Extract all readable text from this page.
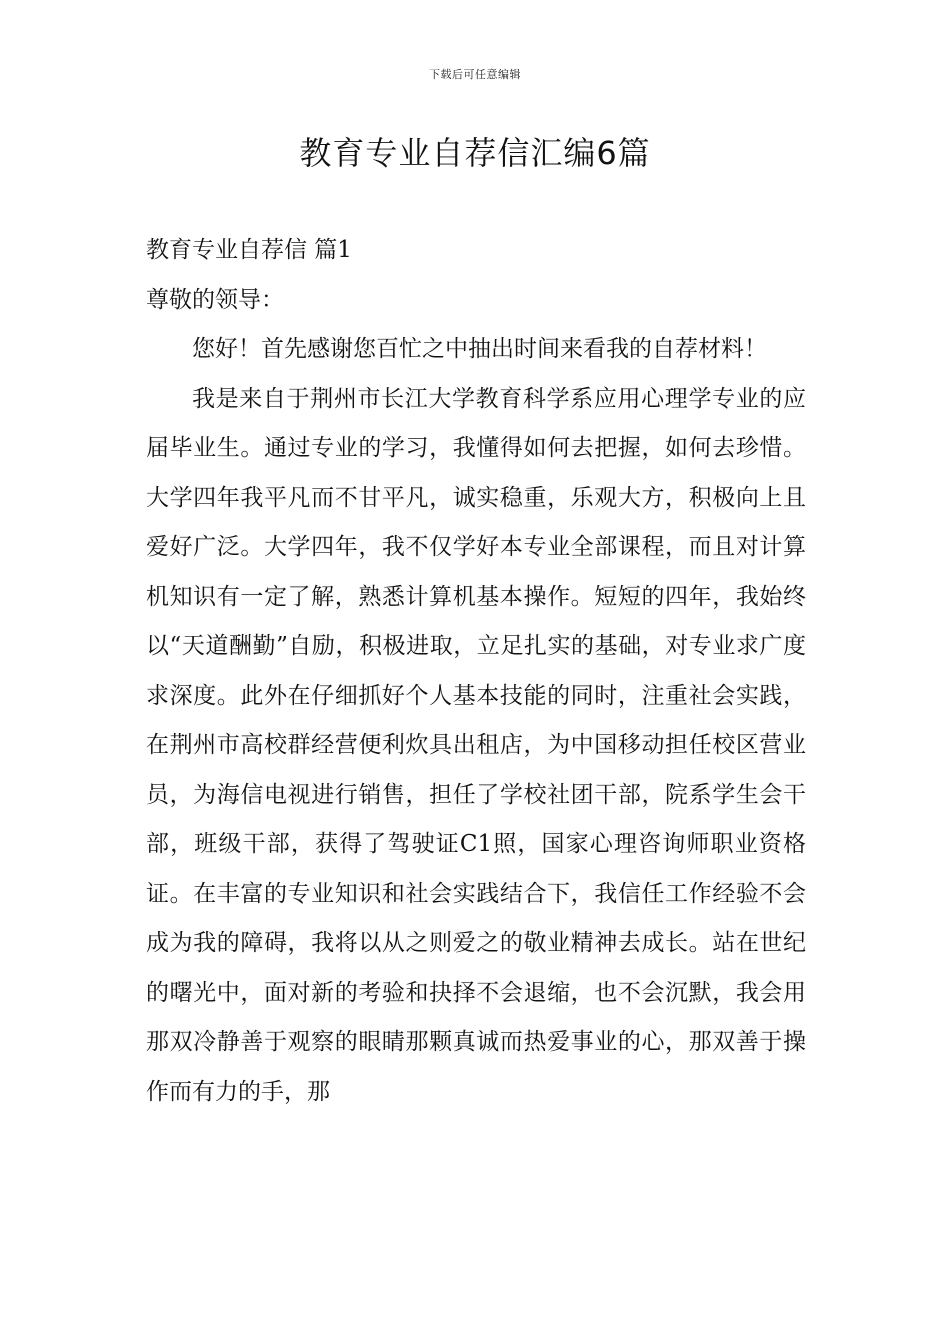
下载后可任意编辑
教育专业自荐信汇编6篇

教育专业自荐信 篇1

尊敬的领导：

您好！首先感谢您百忙之中抽出时间来看我的自荐材料！

我是来自于荆州市长江大学教育科学系应用心理学专业的应届毕业生。通过专业的学习，我懂得如何去把握，如何去珍惜。 大学四年我平凡而不甘平凡，诚实稳重，乐观大方，积极向上且爱好广泛。大学四年，我不仅学好本专业全部课程，而且对计算机知识有一定了解，熟悉计算机基本操作。短短的四年，我始终以“天道酬勤”自励，积极进取，立足扎实的基础，对专业求广度求深度。此外在仔细抓好个人基本技能的同时，注重社会实践，在荆州市高校群经营便利炊具出租店，为中国移动担任校区营业员，为海信电视进行销售，担任了学校社团干部，院系学生会干部，班级干部，获得了驾驶证C1照，国家心理咨询师职业资格证。在丰富的专业知识和社会实践结合下，我信任工作经验不会成为我的障碍，我将以从之则爱之的敬业精神去成长。站在世纪的曙光中，面对新的考验和抉择不会退缩，也不会沉默，我会用那双冷静善于观察的眼睛那颗真诚而热爱事业的心，那双善于操作而有力的手，那
